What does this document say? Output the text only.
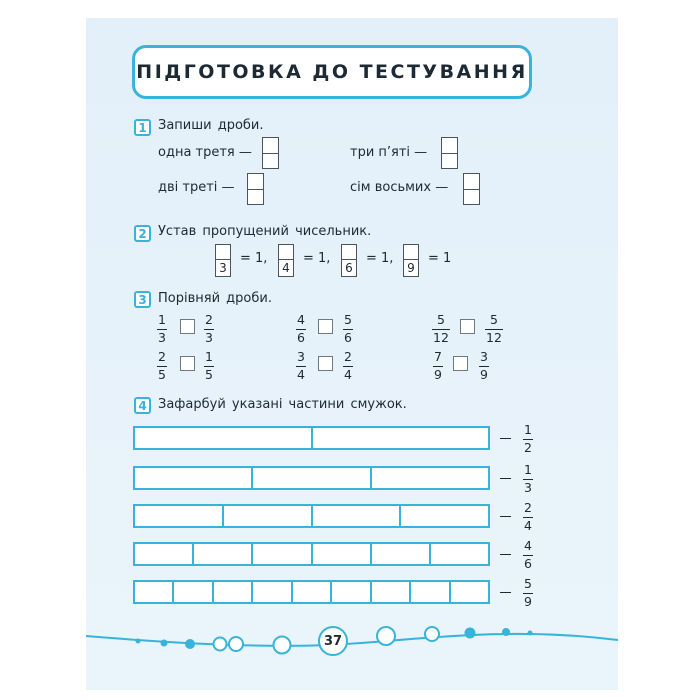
ПІДГОТОВКА ДО ТЕСТУВАННЯ
1 Запиши дроби.
одна третя —	три п’яті —
дві треті —	сім восьмих —
2 Устав пропущений чисельник.
3
= 1,
4
= 1,
6
= 1,
9
= 1
3 Порівняй дроби.
1
3
2
3
4
6
5
6
5
12
5
12
2
5
1
5
3
4
2
4
7
9
3
9
4 Зафарбуй указані частини смужок.
1
2
1
3
2
4
4
6
5
9
37
